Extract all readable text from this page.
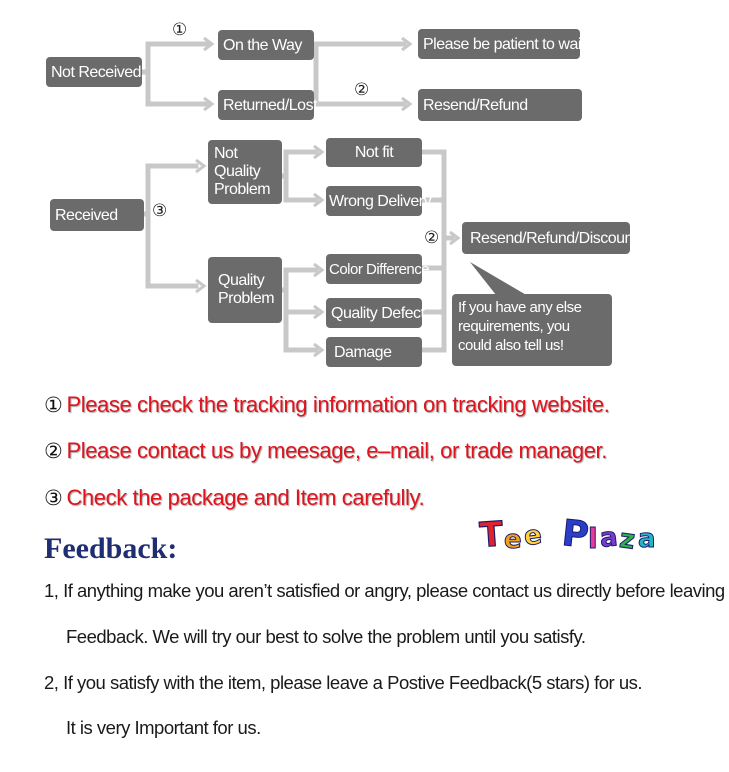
Not Received
On the Way
Returned/Lost
Please be patient to wait
Resend/Refund
Received
Not Quality Problem
Quality Problem
Not fit
Wrong Delivery
Color Difference
Quality Defect
Damage
Resend/Refund/Discount
If you have any else requirements, you could also tell us!
①
②
③
②
① Please check the tracking information on tracking website.
② Please contact us by meesage, e–mail, or trade manager.
③ Check the package and Item carefully.
Feedback:	T e e P
l a
z a
1, If anything make you aren’t satisfied or angry, please contact us directly before leaving
Feedback. We will try our best to solve the problem until you satisfy.
2, If you satisfy with the item, please leave a Postive Feedback(5 stars) for us.
It is very Important for us.
